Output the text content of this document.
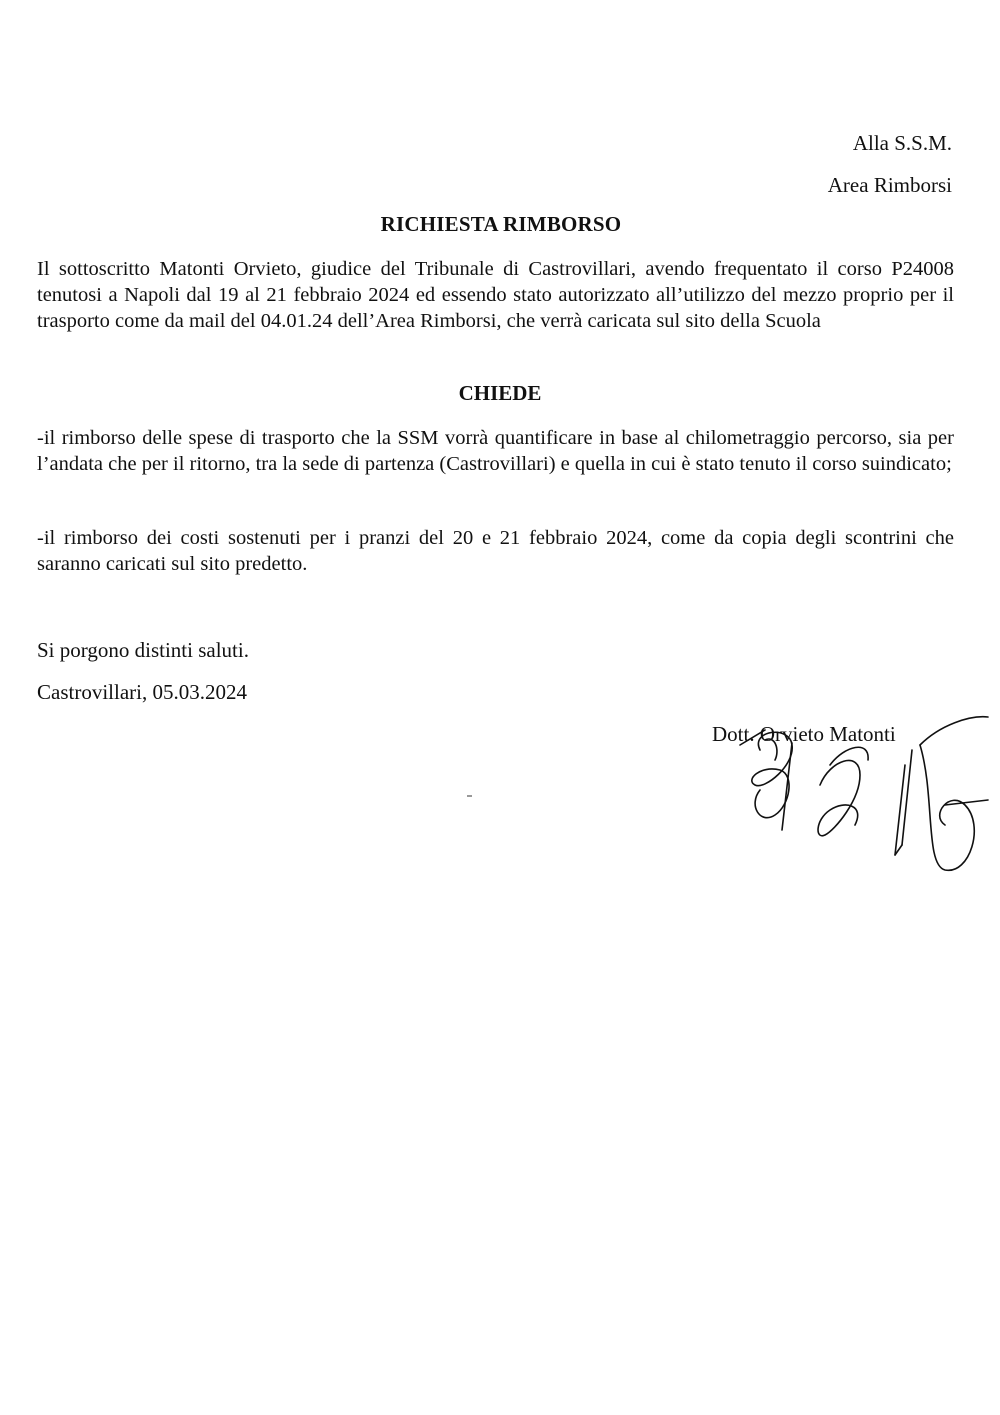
Alla S.S.M.
Area Rimborsi
RICHIESTA RIMBORSO
Il sottoscritto Matonti Orvieto, giudice del Tribunale di Castrovillari, avendo frequentato il corso P24008 tenutosi a Napoli dal 19 al 21 febbraio 2024 ed essendo stato autorizzato all’utilizzo del mezzo proprio per il trasporto come da mail del 04.01.24 dell’Area Rimborsi, che verrà caricata sul sito della Scuola
CHIEDE
-il rimborso delle spese di trasporto che la SSM vorrà quantificare in base al chilometraggio percorso, sia per l’andata che per il ritorno, tra la sede di partenza (Castrovillari) e quella in cui è stato tenuto il corso suindicato;
-il rimborso dei costi sostenuti per i pranzi del 20 e 21 febbraio 2024, come da copia degli scontrini che saranno caricati sul sito predetto.
Si porgono distinti saluti.
Castrovillari, 05.03.2024
Dott. Orvieto Matonti
